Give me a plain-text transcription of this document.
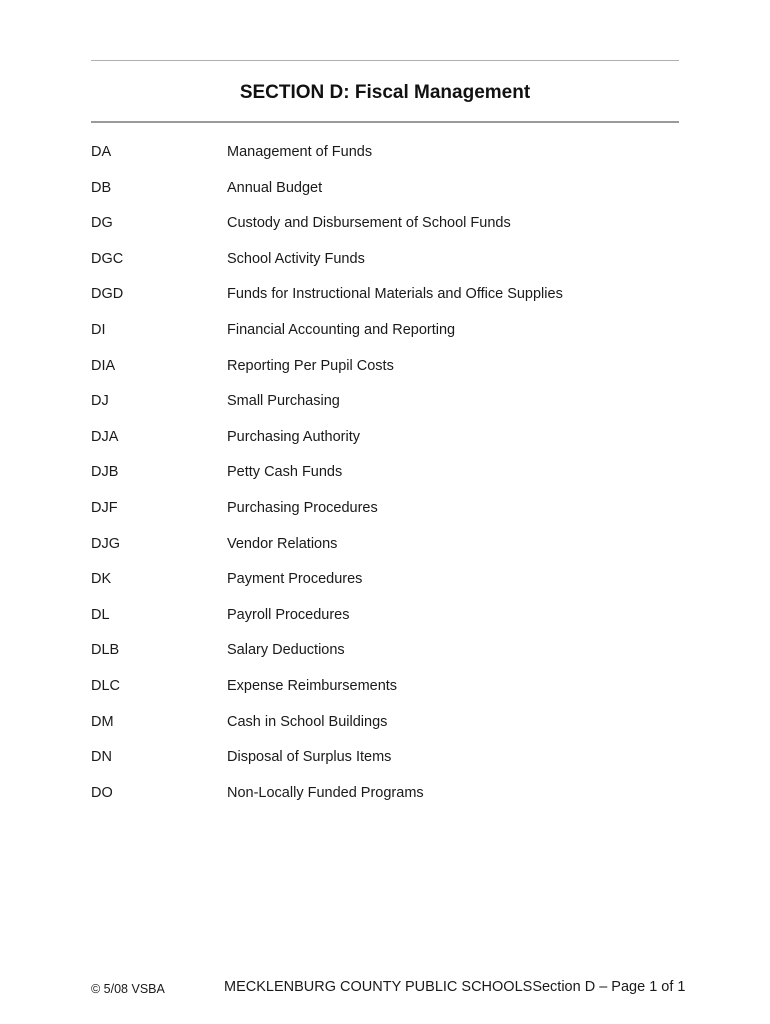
SECTION D: Fiscal Management
DA	Management of Funds
DB	Annual Budget
DG	Custody and Disbursement of School Funds
DGC	School Activity Funds
DGD	Funds for Instructional Materials and Office Supplies
DI	Financial Accounting and Reporting
DIA	Reporting Per Pupil Costs
DJ	Small Purchasing
DJA	Purchasing Authority
DJB	Petty Cash Funds
DJF	Purchasing Procedures
DJG	Vendor Relations
DK	Payment Procedures
DL	Payroll Procedures
DLB	Salary Deductions
DLC	Expense Reimbursements
DM	Cash in School Buildings
DN	Disposal of Surplus Items
DO	Non-Locally Funded Programs
© 5/08 VSBA	MECKLENBURG COUNTY PUBLIC SCHOOLSSection D – Page 1 of 1
